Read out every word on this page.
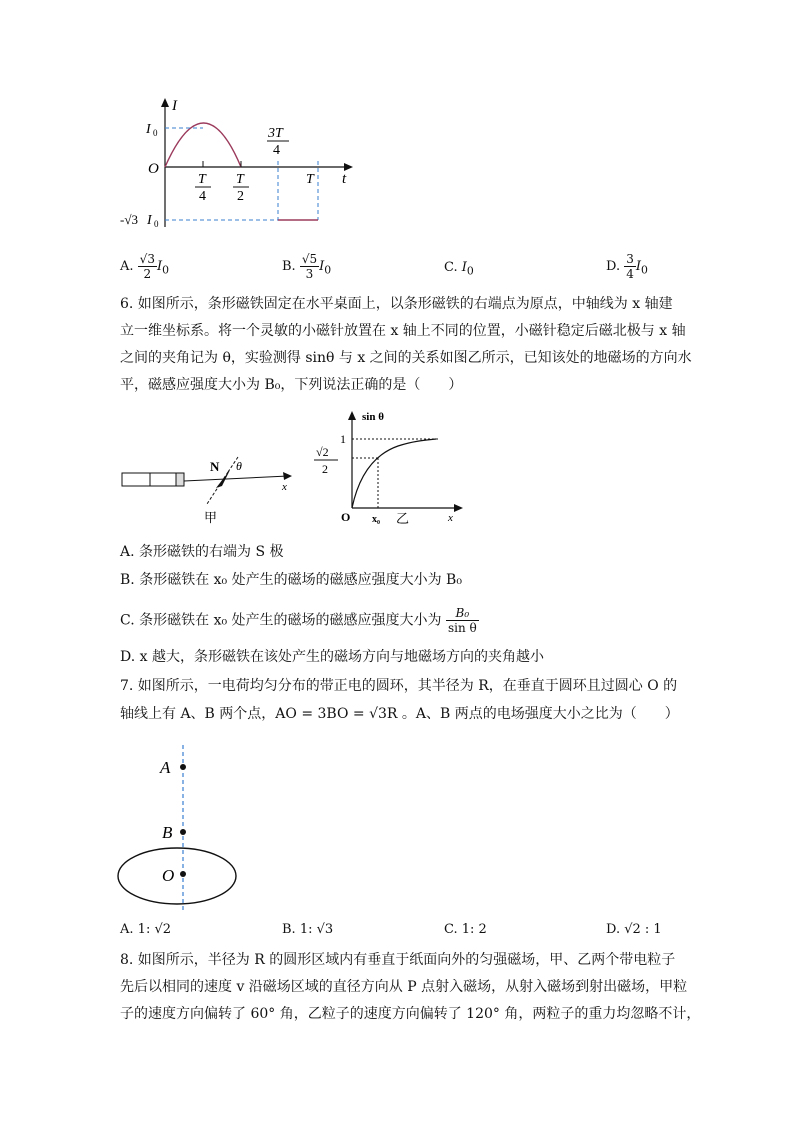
I
t
O
I 0
-√3 I 0
T
4
T
2
3T
4
T
A. $\frac{√3}{2} I_0$	B. $\frac{√5}{3} I_0$	C. $I_0$	D. $\frac{3}{4} I_0$
6. 如图所示，条形磁铁固定在水平桌面上，以条形磁铁的右端点为原点，中轴线为 x 轴建
立一维坐标系。将一个灵敏的小磁针放置在 x 轴上不同的位置，小磁针稳定后磁北极与 x 轴
之间的夹角记为 θ，实验测得 sinθ 与 x 之间的关系如图乙所示，已知该处的地磁场的方向水
平，磁感应强度大小为 B₀，下列说法正确的是（　　）
N θ
x
甲
sin θ
1
√2
2
O x₀	x
乙
A. 条形磁铁的右端为 S 极
B. 条形磁铁在 x₀ 处产生的磁场的磁感应强度大小为 B₀
C. 条形磁铁在 x₀ 处产生的磁场的磁感应强度大小为 $\frac{\text{B₀}}{\text{sin θ}}$
D. x 越大，条形磁铁在该处产生的磁场方向与地磁场方向的夹角越小
7. 如图所示，一电荷均匀分布的带正电的圆环，其半径为 R，在垂直于圆环且过圆心 O 的
轴线上有 A、B 两个点，AO = 3BO = √3R 。A、B 两点的电场强度大小之比为（　　）
A
B
O
A. 1: √2	B. 1: √3	C. 1: 2	D. √2 : 1
8. 如图所示，半径为 R 的圆形区域内有垂直于纸面向外的匀强磁场，甲、乙两个带电粒子
先后以相同的速度 v 沿磁场区域的直径方向从 P 点射入磁场，从射入磁场到射出磁场，甲粒
子的速度方向偏转了 60° 角，乙粒子的速度方向偏转了 120° 角，两粒子的重力均忽略不计，
